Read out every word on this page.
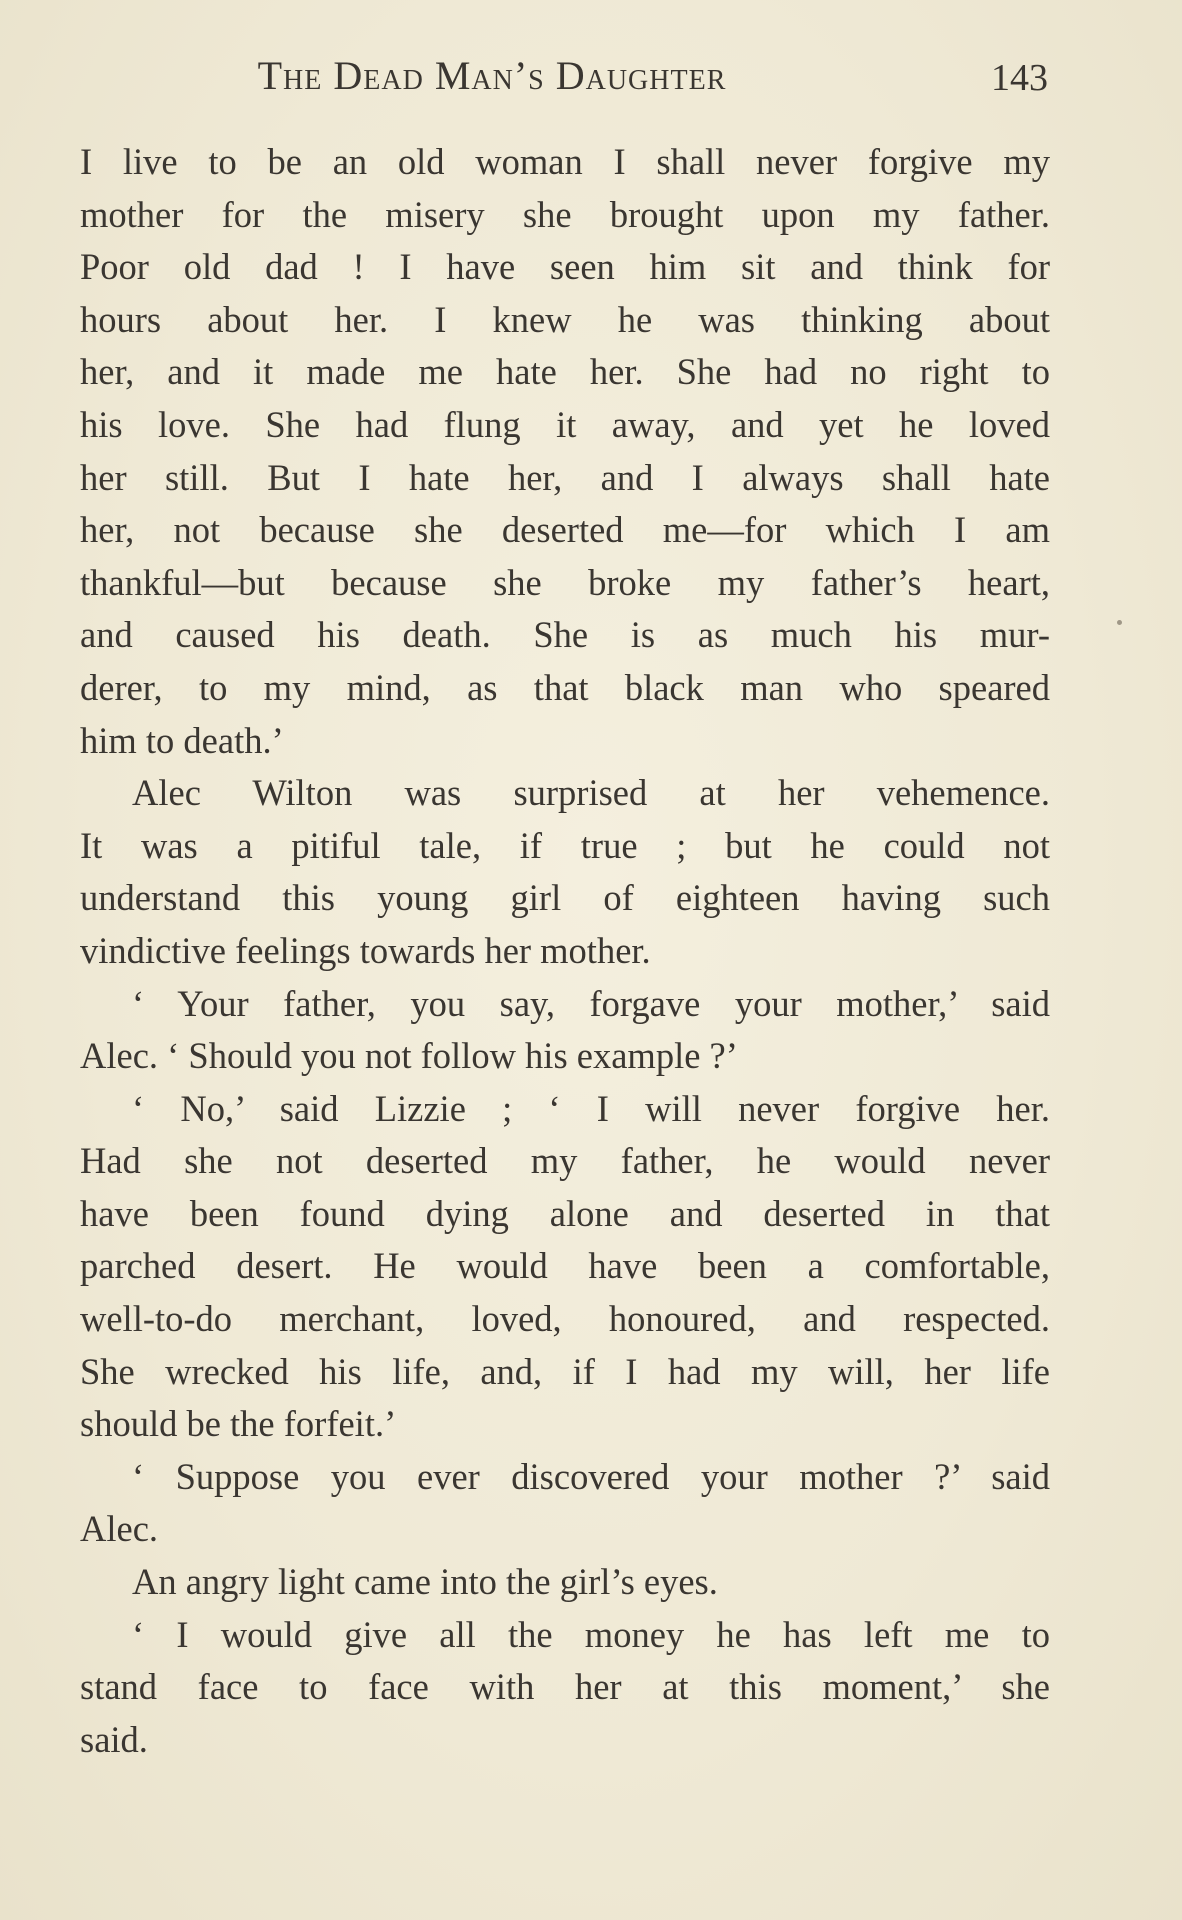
The Dead Man’s Daughter	143

I live to be an old woman I shall never forgive my
mother for the misery she brought upon my father.
Poor old dad ! I have seen him sit and think for
hours about her. I knew he was thinking about
her, and it made me hate her. She had no right to
his love. She had flung it away, and yet he loved
her still. But I hate her, and I always shall hate
her, not because she deserted me—for which I am
thankful—but because she broke my father’s heart,
and caused his death. She is as much his mur-
derer, to my mind, as that black man who speared
him to death.’

Alec Wilton was surprised at her vehemence.
It was a pitiful tale, if true ; but he could not
understand this young girl of eighteen having such
vindictive feelings towards her mother.

‘ Your father, you say, forgave your mother,’ said
Alec. ‘ Should you not follow his example ?’

‘ No,’ said Lizzie ; ‘ I will never forgive her.
Had she not deserted my father, he would never
have been found dying alone and deserted in that
parched desert. He would have been a comfortable,
well-to-do merchant, loved, honoured, and respected.
She wrecked his life, and, if I had my will, her life
should be the forfeit.’

‘ Suppose you ever discovered your mother ?’ said
Alec.

An angry light came into the girl’s eyes.

‘ I would give all the money he has left me to
stand face to face with her at this moment,’ she
said.
